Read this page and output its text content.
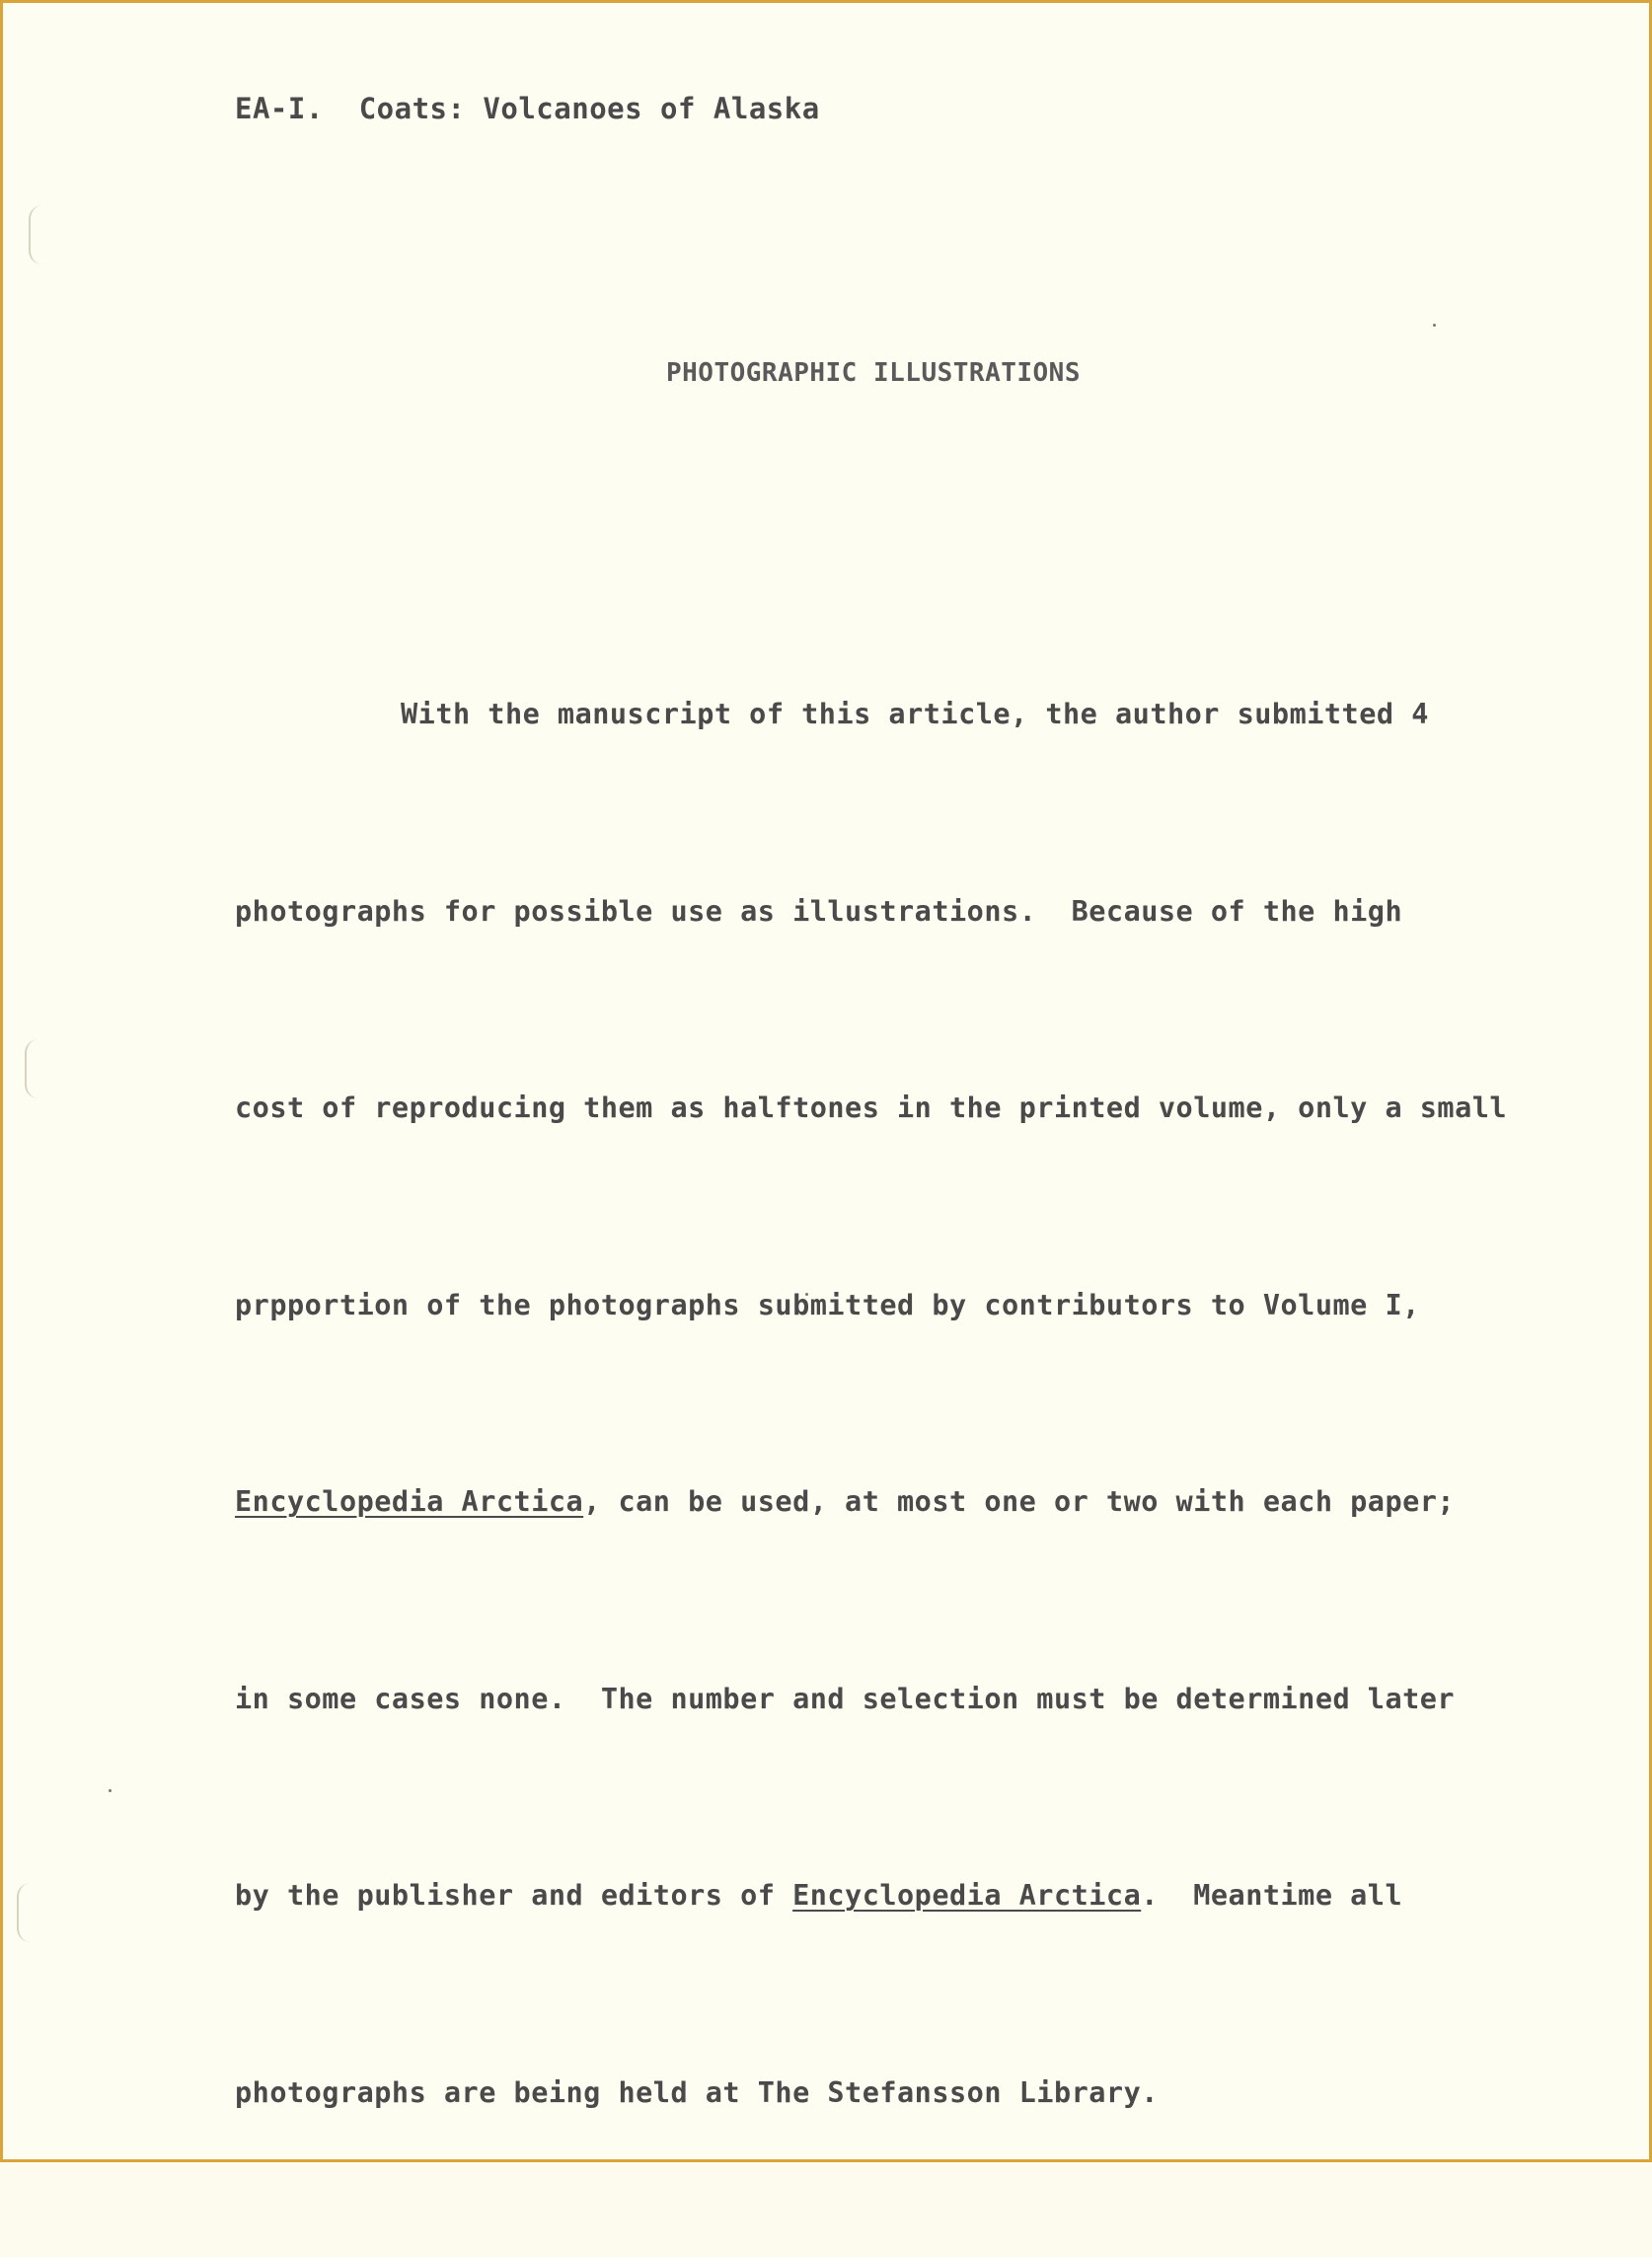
EA-I.  Coats: Volcanoes of Alaska
PHOTOGRAPHIC ILLUSTRATIONS

With the manuscript of this article, the author submitted 4

photographs for possible use as illustrations.  Because of the high

cost of reproducing them as halftones in the printed volume, only a small

prpportion of the photographs submitted by contributors to Volume I,

Encyclopedia Arctica, can be used, at most one or two with each paper;

in some cases none.  The number and selection must be determined later

by the publisher and editors of Encyclopedia Arctica.  Meantime all

photographs are being held at The Stefansson Library.
